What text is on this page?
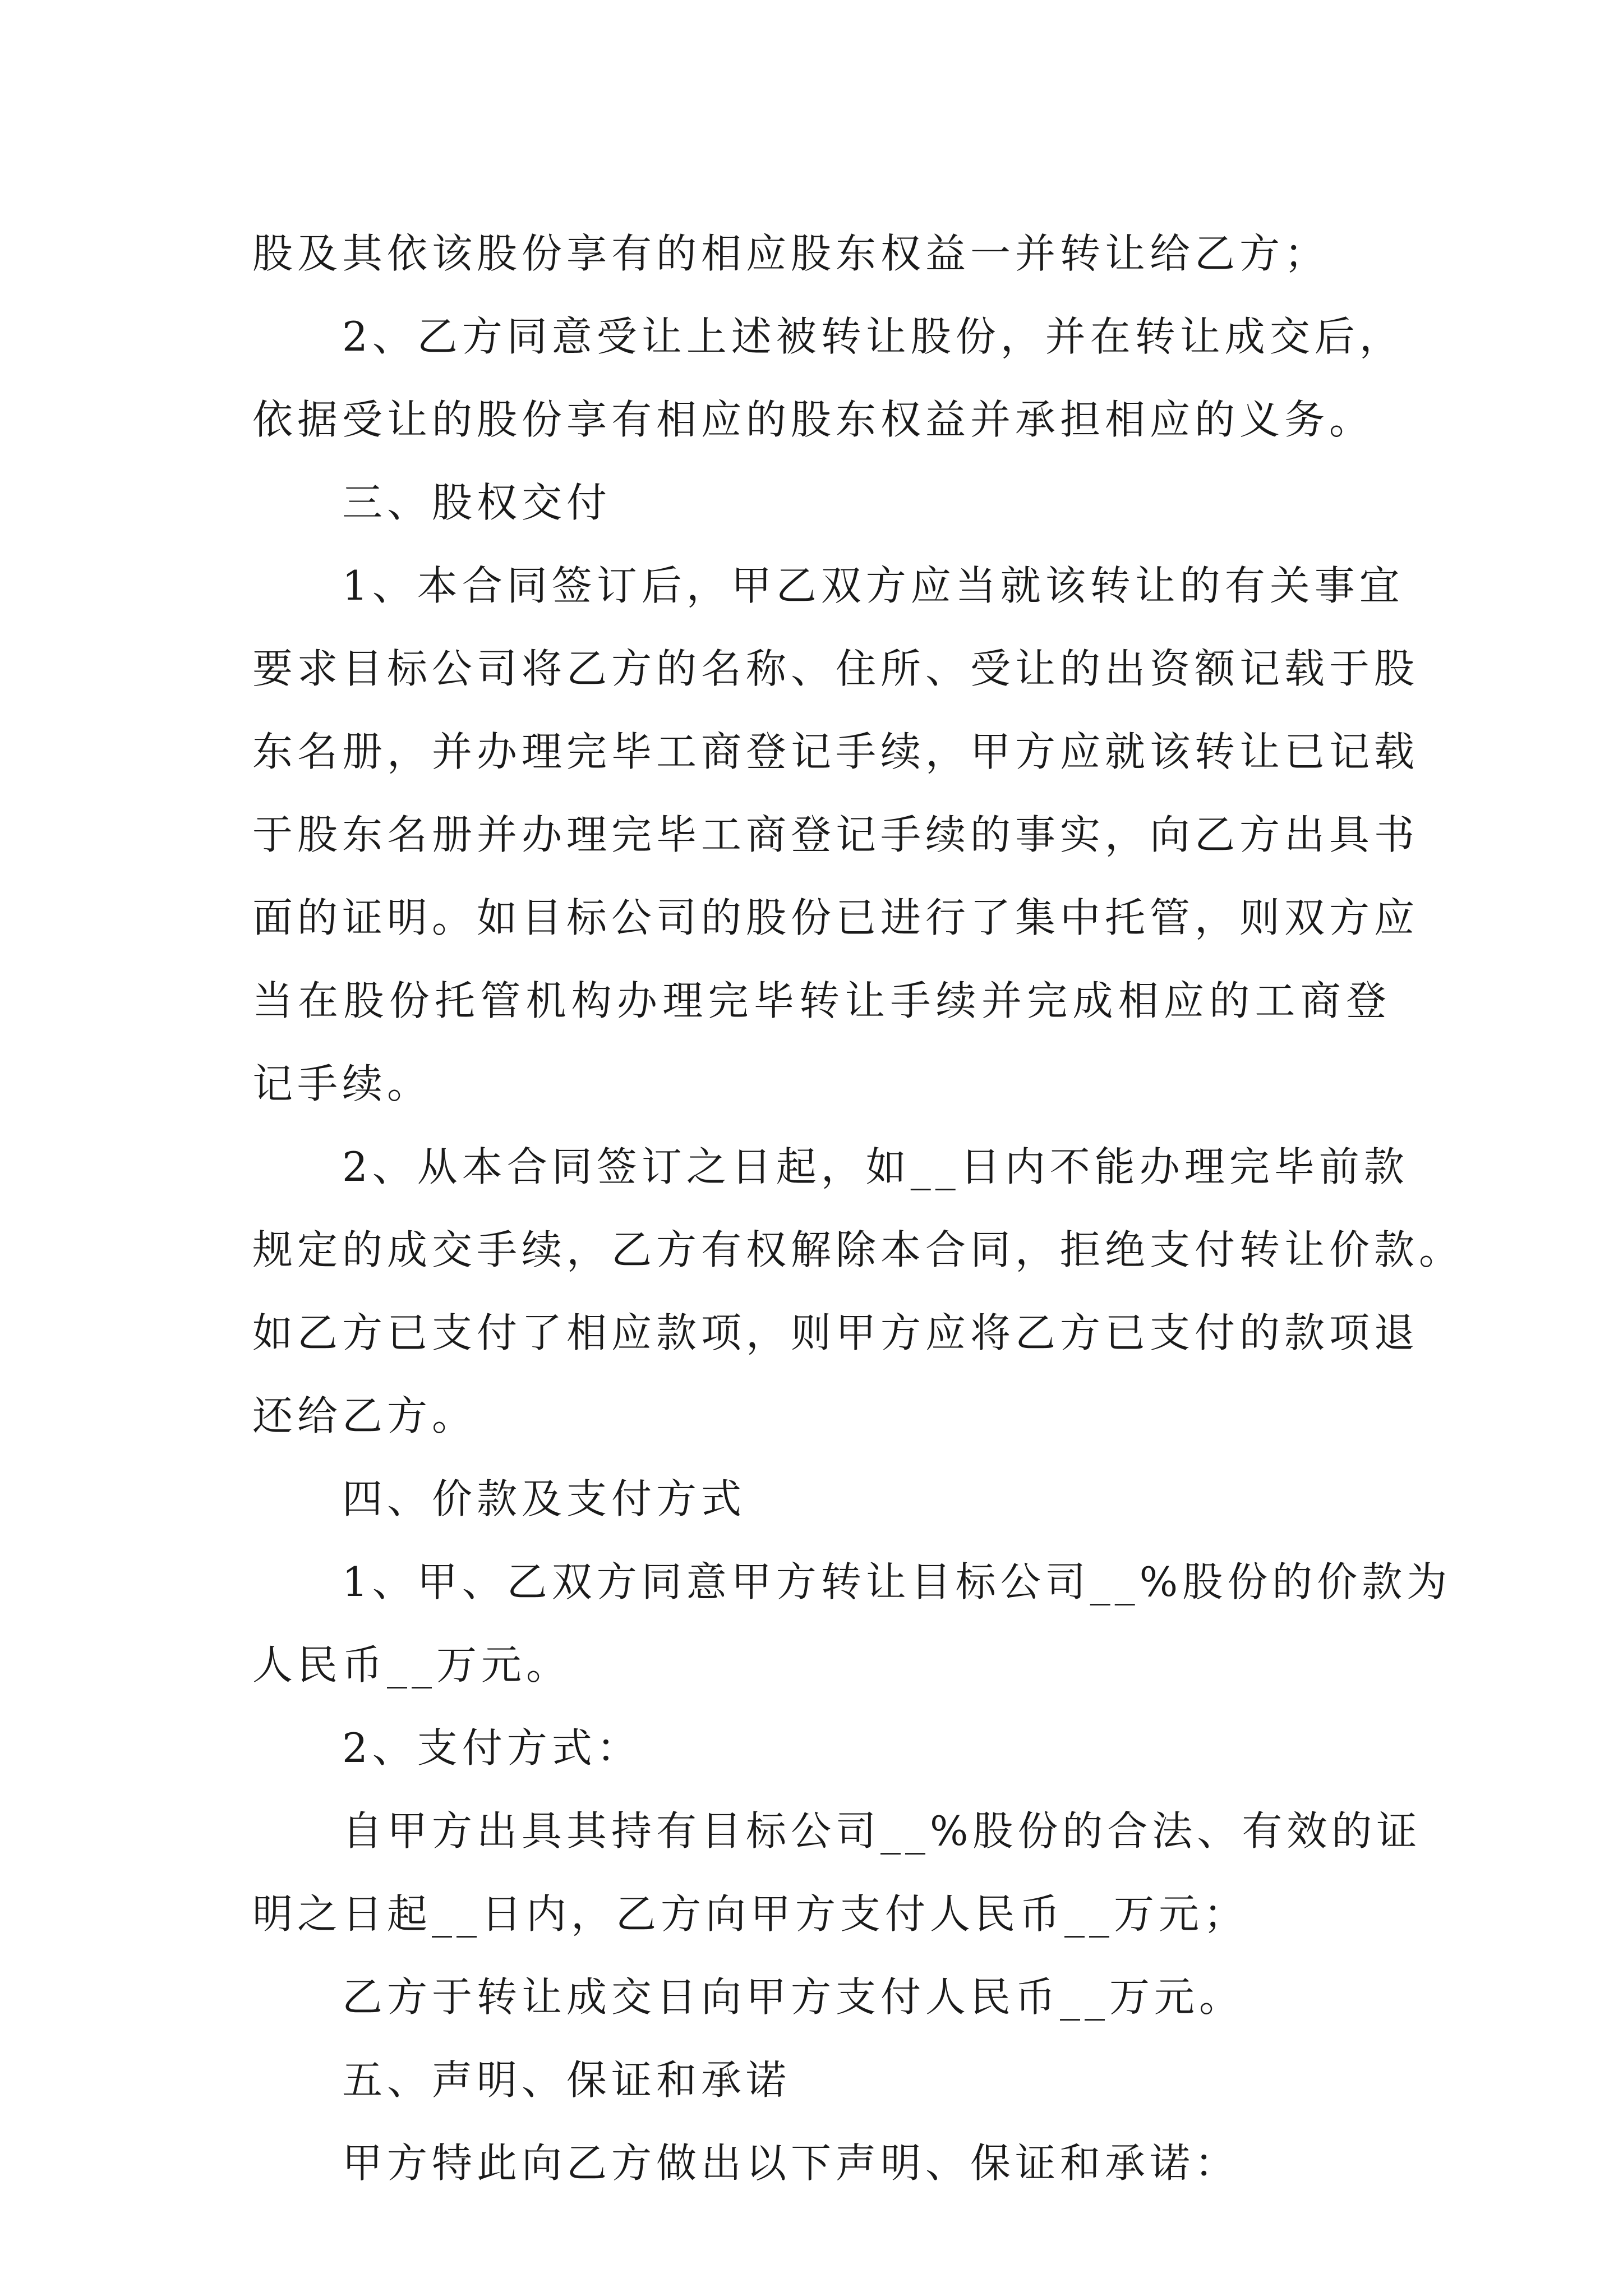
股及其依该股份享有的相应股东权益一并转让给乙方；
2、乙方同意受让上述被转让股份，并在转让成交后，
依据受让的股份享有相应的股东权益并承担相应的义务。
三、股权交付
1、本合同签订后，甲乙双方应当就该转让的有关事宜
要求目标公司将乙方的名称、住所、受让的出资额记载于股
东名册，并办理完毕工商登记手续，甲方应就该转让已记载
于股东名册并办理完毕工商登记手续的事实，向乙方出具书
面的证明。如目标公司的股份已进行了集中托管，则双方应
当在股份托管机构办理完毕转让手续并完成相应的工商登
记手续。
2、从本合同签订之日起，如__日内不能办理完毕前款
规定的成交手续，乙方有权解除本合同，拒绝支付转让价款。
如乙方已支付了相应款项，则甲方应将乙方已支付的款项退
还给乙方。
四、价款及支付方式
1、甲、乙双方同意甲方转让目标公司__%股份的价款为
人民币__万元。
2、支付方式：
自甲方出具其持有目标公司__%股份的合法、有效的证
明之日起__日内，乙方向甲方支付人民币__万元；
乙方于转让成交日向甲方支付人民币__万元。
五、声明、保证和承诺
甲方特此向乙方做出以下声明、保证和承诺：
